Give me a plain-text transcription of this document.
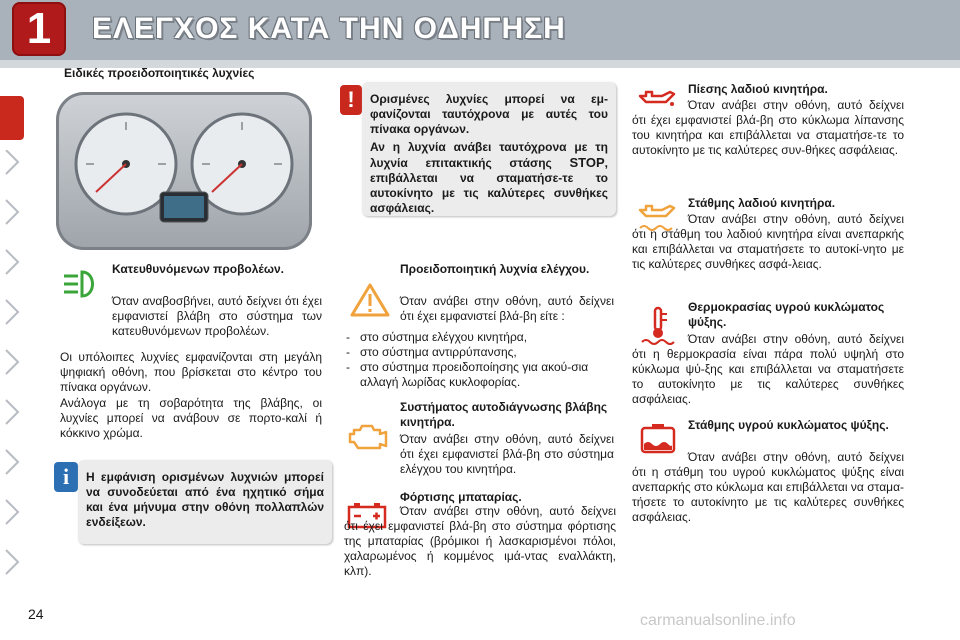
1	ΕΛΕΓΧΟΣ ΚΑΤΑ ΤΗΝ ΟΔΗΓΗΣΗ
Ειδικές προειδοποιητικές λυχνίες
!	Ορισμένες λυχνίες μπορεί να εμ-φανίζονται ταυτόχρονα με αυτές του πίνακα οργάνων.
Αν η λυχνία ανάβει ταυτόχρονα με τη λυχνία επιτακτικής στάσης STOP, επιβάλλεται να σταματήσε-τε το αυτοκίνητο με τις καλύτερες συνθήκες ασφάλειας.
Κατευθυνόμενων προβολέων.
Όταν αναβοσβήνει, αυτό δείχνει ότι έχει εμφανιστεί βλάβη στο σύστημα των κατευθυνόμενων προβολέων.
Οι υπόλοιπες λυχνίες εμφανίζονται στη μεγάλη ψηφιακή οθόνη, που βρίσκεται στο κέντρο του πίνακα οργάνων.
Ανάλογα με τη σοβαρότητα της βλάβης, οι λυχνίες μπορεί να ανάβουν σε πορτο-καλί ή κόκκινο χρώμα.
i	Η εμφάνιση ορισμένων λυχνιών μπορεί να συνοδεύεται από ένα ηχητικό σήμα και ένα μήνυμα στην οθόνη πολλαπλών ενδείξεων.
Προειδοποιητική λυχνία ελέγχου.
Όταν ανάβει στην οθόνη, αυτό δείχνει ότι έχει εμφανιστεί βλά-βη είτε :
- στο σύστημα ελέγχου κινητήρα,
- στο σύστημα αντιρρύπανσης,
- στο σύστημα προειδοποίησης για ακού-σια αλλαγή λωρίδας κυκλοφορίας.
Συστήματος αυτοδιάγνωσης βλάβης κινητήρα.
Όταν ανάβει στην οθόνη, αυτό δείχνει ότι έχει εμφανιστεί βλά-βη στο σύστημα ελέγχου του κινητήρα.
Φόρτισης μπαταρίας.
Όταν ανάβει στην οθόνη, αυτό δείχνει ότι έχει εμφανιστεί βλά-βη στο σύστημα φόρτισης της μπαταρίας (βρόμικοι ή λασκαρισμένοι πόλοι, χαλαρωμένος ή κομμένος ιμά-ντας εναλλάκτη, κλπ).
Πίεσης λαδιού κινητήρα.
Όταν ανάβει στην οθόνη, αυτό δείχνει ότι έχει εμφανιστεί βλά-βη στο κύκλωμα λίπανσης του κινητήρα και επιβάλλεται να σταματήσε-τε το αυτοκίνητο με τις καλύτερες συν-θήκες ασφάλειας.
Στάθμης λαδιού κινητήρα.
Όταν ανάβει στην οθόνη, αυτό δείχνει ότι η στάθμη του λαδιού κινητήρα είναι ανεπαρκής και επιβάλλεται να σταματήσετε το αυτοκί-νητο με τις καλύτερες συνθήκες ασφά-λειας.
Θερμοκρασίας υγρού κυκλώματος ψύξης.
Όταν ανάβει στην οθόνη, αυτό δείχνει ότι η θερμοκρασία είναι πάρα πολύ υψηλή στο κύκλωμα ψύ-ξης και επιβάλλεται να σταματήσετε το αυτοκίνητο με τις καλύτερες συνθήκες ασφάλειας.
Στάθμης υγρού κυκλώματος ψύξης.
Όταν ανάβει στην οθόνη, αυτό δείχνει ότι η στάθμη του υγρού κυκλώματος ψύξης είναι ανεπαρκής στο κύκλωμα και επιβάλλεται να σταμα-τήσετε το αυτοκίνητο με τις καλύτερες συνθήκες ασφάλειας.
24	carmanualsonline.info
